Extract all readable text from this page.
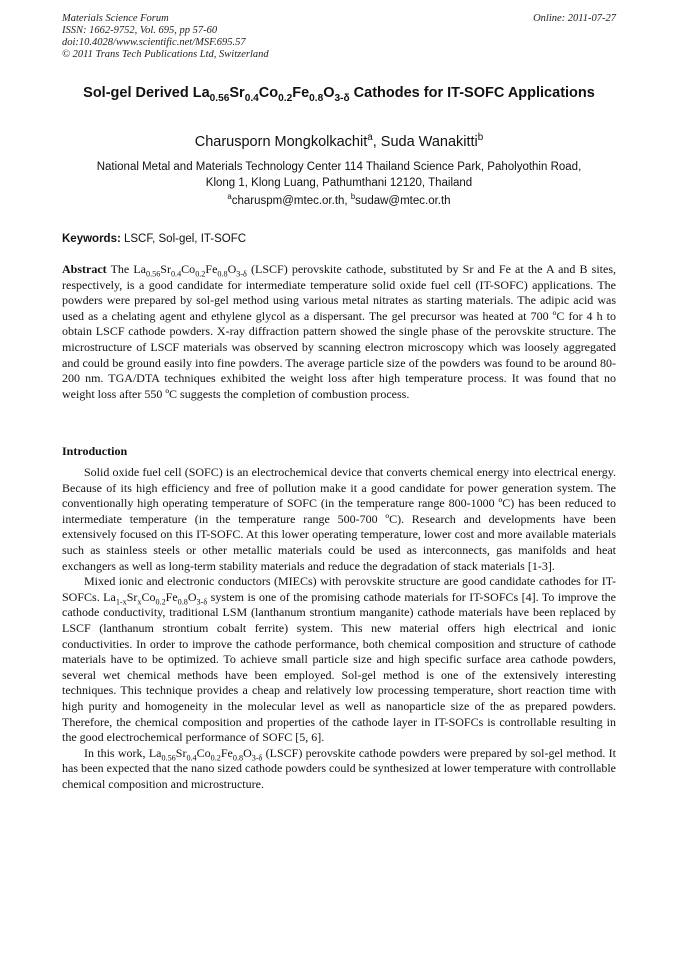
Materials Science Forum
ISSN: 1662-9752, Vol. 695, pp 57-60
doi:10.4028/www.scientific.net/MSF.695.57
© 2011 Trans Tech Publications Ltd, Switzerland
Online: 2011-07-27
Sol-gel Derived $La_{0.56}Sr_{0.4}Co_{0.2}Fe_{0.8}O_{3-\delta}$ Cathodes for IT-SOFC Applications
Charusporn Mongkolkachit$^a$, Suda Wanakitti$^b$
National Metal and Materials Technology Center 114 Thailand Science Park, Paholyothin Road,
Klong 1, Klong Luang, Pathumthani 12120, Thailand
$^a$charuspm@mtec.or.th, $^b$sudaw@mtec.or.th
Keywords: LSCF, Sol-gel, IT-SOFC
Abstract The $La_{0.56}Sr_{0.4}Co_{0.2}Fe_{0.8}O_{3-\delta}$ (LSCF) perovskite cathode, substituted by Sr and Fe at the A and B sites, respectively, is a good candidate for intermediate temperature solid oxide fuel cell (IT-SOFC) applications. The powders were prepared by sol-gel method using various metal nitrates as starting materials. The adipic acid was used as a chelating agent and ethylene glycol as a dispersant. The gel precursor was heated at 700 ºC for 4 h to obtain LSCF cathode powders. X-ray diffraction pattern showed the single phase of the perovskite structure. The microstructure of LSCF materials was observed by scanning electron microscopy which was loosely aggregated and could be ground easily into fine powders. The average particle size of the powders was found to be around 80-200 nm. TGA/DTA techniques exhibited the weight loss after high temperature process. It was found that no weight loss after 550 ºC suggests the completion of combustion process.
Introduction

Solid oxide fuel cell (SOFC) is an electrochemical device that converts chemical energy into electrical energy. Because of its high efficiency and free of pollution make it a good candidate for power generation system. The conventionally high operating temperature of SOFC (in the temperature range 800-1000 ºC) has been reduced to intermediate temperature (in the temperature range 500-700 ºC). Research and developments have been extensively focused on this IT-SOFC. At this lower operating temperature, lower cost and more available materials such as stainless steels or other metallic materials could be used as interconnects, gas manifolds and heat exchangers as well as long-term stability materials and reduce the degradation of stack materials [1-3].

Mixed ionic and electronic conductors (MIECs) with perovskite structure are good candidate cathodes for IT-SOFCs. $La_{1-x}Sr_xCo_{0.2}Fe_{0.8}O_{3-\delta}$ system is one of the promising cathode materials for IT-SOFCs [4]. To improve the cathode conductivity, traditional LSM (lanthanum strontium manganite) cathode materials have been replaced by LSCF (lanthanum strontium cobalt ferrite) system. This new material offers high electrical and ionic conductivities. In order to improve the cathode performance, both chemical composition and structure of cathode materials have to be optimized. To achieve small particle size and high specific surface area cathode powders, several wet chemical methods have been employed. Sol-gel method is one of the extensively interesting techniques. This technique provides a cheap and relatively low processing temperature, short reaction time with high purity and homogeneity in the molecular level as well as nanoparticle size of the as prepared powders. Therefore, the chemical composition and properties of the cathode layer in IT-SOFCs is controllable resulting in the good electrochemical performance of SOFC [5, 6].

In this work, $La_{0.56}Sr_{0.4}Co_{0.2}Fe_{0.8}O_{3-\delta}$ (LSCF) perovskite cathode powders were prepared by sol-gel method. It has been expected that the nano sized cathode powders could be synthesized at lower temperature with controllable chemical composition and microstructure.
